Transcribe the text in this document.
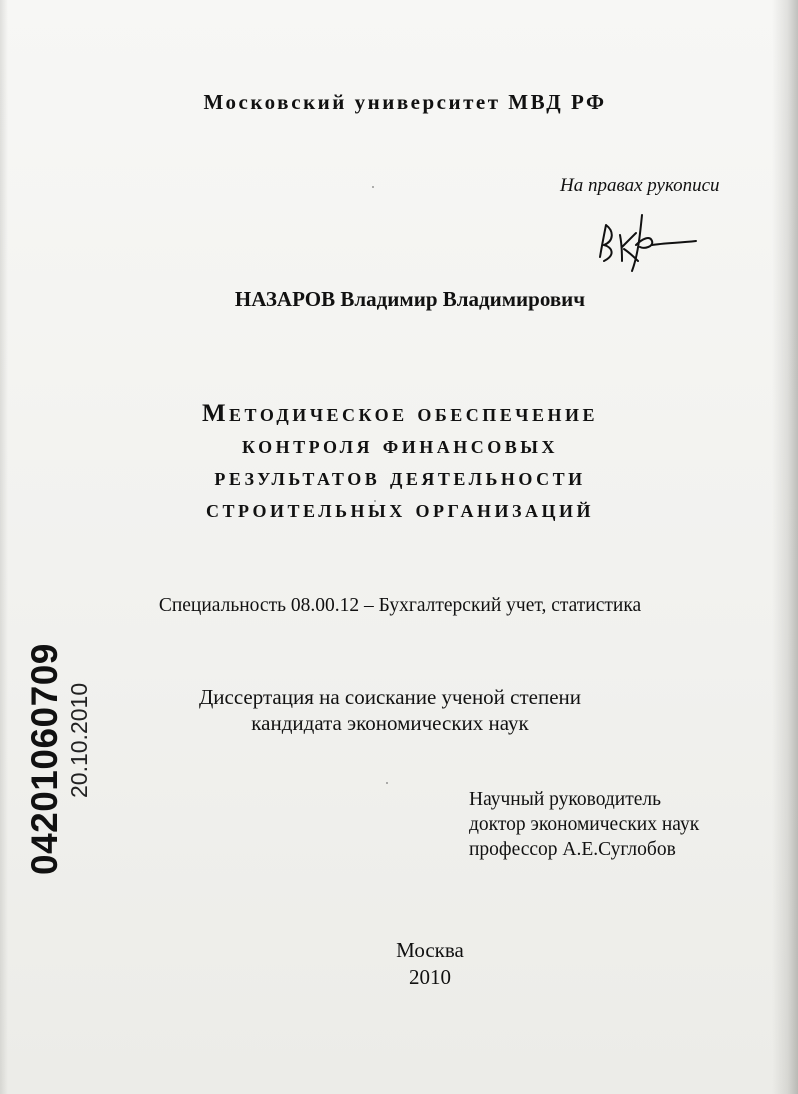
Московский университет МВД РФ
На правах рукописи
НАЗАРОВ Владимир Владимирович
Методическое обеспечение
контроля финансовых
результатов деятельности
строительных организаций
Специальность 08.00.12 – Бухгалтерский учет, статистика
Диссертация на соискание ученой степени
кандидата экономических наук
Научный руководитель
доктор экономических наук
профессор А.Е.Суглобов
Москва
2010
04201060709 20.10.2010
